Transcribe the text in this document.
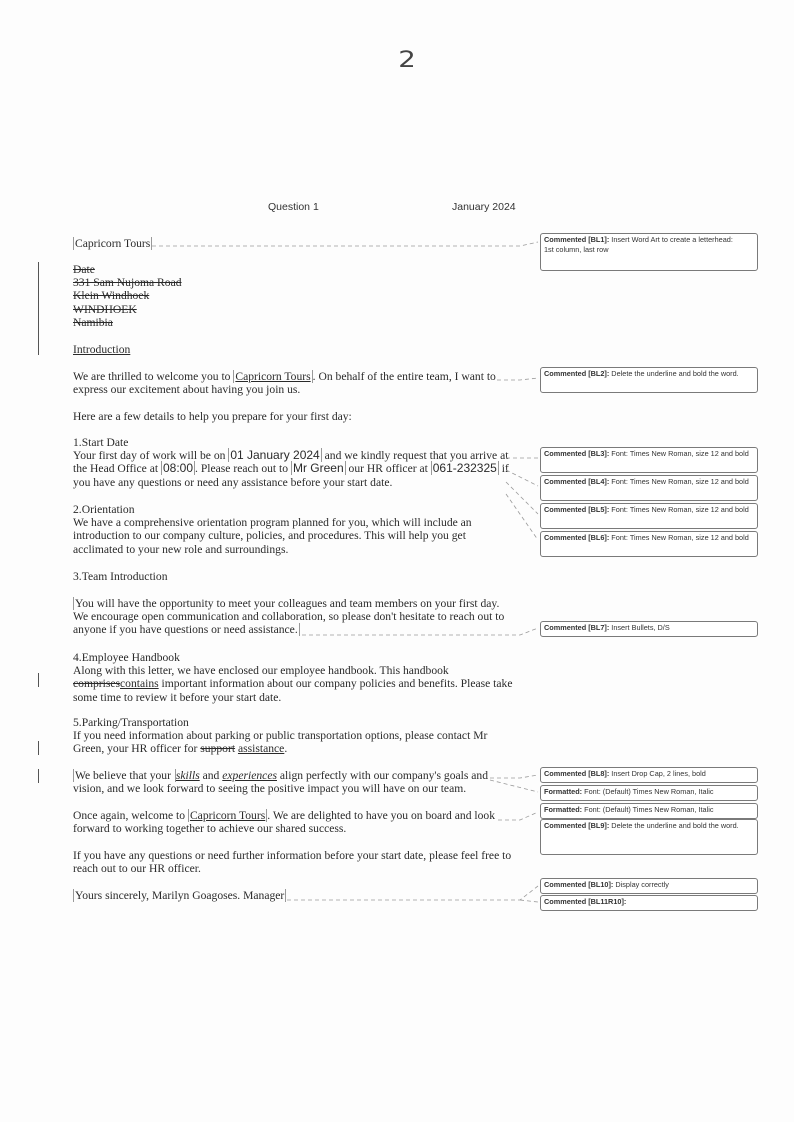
2
Question 1	January 2024
Capricorn Tours

Date

331 Sam Nujoma Road

Klein Windhoek

WINDHOEK

Namibia

Introduction
We are thrilled to welcome you to Capricorn Tours . On behalf of the entire team, I want to express our excitement about having you join us.
Here are a few details to help you prepare for your first day:

1.Start Date

Your first day of work will be on 01 January 2024 and we kindly request that you arrive at the Head Office at 08:00 . Please reach out to Mr Green our HR officer at 061-232325 if you have any questions or need any assistance before your start date.

2.Orientation

We have a comprehensive orientation program planned for you, which will include an introduction to our company culture, policies, and procedures. This will help you get acclimated to your new role and surroundings.

3.Team Introduction
You will have the opportunity to meet your colleagues and team members on your first day. We encourage open communication and collaboration, so please don't hesitate to reach out to anyone if you have questions or need assistance.

4.Employee Handbook

Along with this letter, we have enclosed our employee handbook. This handbook comprisescontains important information about our company policies and benefits. Please take some time to review it before your start date.

5.Parking/Transportation

If you need information about parking or public transportation options, please contact Mr Green, your HR officer for support assistance.

We believe that your skills and experiences align perfectly with our company's goals and vision, and we look forward to seeing the positive impact you will have on our team.
Once again, welcome to Capricorn Tours . We are delighted to have you on board and look forward to working together to achieve our shared success.
If you have any questions or need further information before your start date, please feel free to reach out to our HR officer.
Yours sincerely, Marilyn Goagoses. Manager
Commented [BL1]: Insert Word Art to create a letterhead:
1st column, last row
Commented [BL2]: Delete the underline and bold the word.
Commented [BL3]: Font: Times New Roman, size 12 and bold
Commented [BL4]: Font: Times New Roman, size 12 and bold
Commented [BL5]: Font: Times New Roman, size 12 and bold
Commented [BL6]: Font: Times New Roman, size 12 and bold
Commented [BL7]: Insert Bullets, D/S
Commented [BL8]: Insert Drop Cap, 2 lines, bold
Formatted: Font: (Default) Times New Roman, Italic
Formatted: Font: (Default) Times New Roman, Italic
Commented [BL9]: Delete the underline and bold the word.
Commented [BL10]: Display correctly
Commented [BL11R10]:
